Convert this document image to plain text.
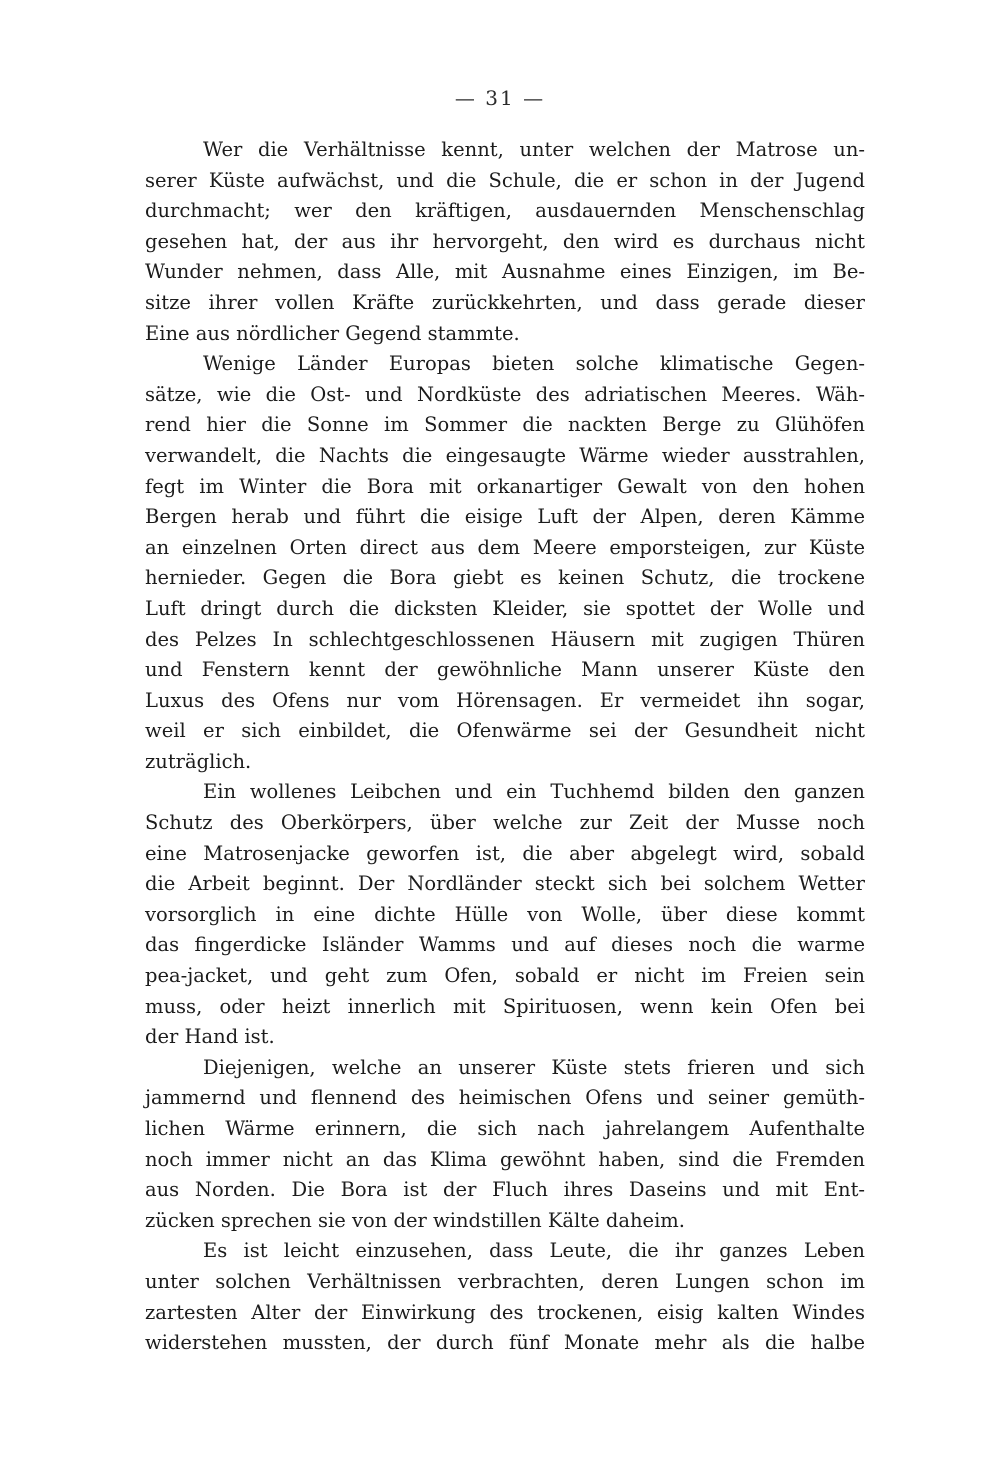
— 31 —
Wer die Verhältnisse kennt, unter welchen der Matrose un-
serer Küste aufwächst, und die Schule, die er schon in der Jugend
durchmacht; wer den kräftigen, ausdauernden Menschenschlag
gesehen hat, der aus ihr hervorgeht, den wird es durchaus nicht
Wunder nehmen, dass Alle, mit Ausnahme eines Einzigen, im Be-
sitze ihrer vollen Kräfte zurückkehrten, und dass gerade dieser
Eine aus nördlicher Gegend stammte.
Wenige Länder Europas bieten solche klimatische Gegen-
sätze, wie die Ost- und Nordküste des adriatischen Meeres. Wäh-
rend hier die Sonne im Sommer die nackten Berge zu Glühöfen
verwandelt, die Nachts die eingesaugte Wärme wieder ausstrahlen,
fegt im Winter die Bora mit orkanartiger Gewalt von den hohen
Bergen herab und führt die eisige Luft der Alpen, deren Kämme
an einzelnen Orten direct aus dem Meere emporsteigen, zur Küste
hernieder. Gegen die Bora giebt es keinen Schutz, die trockene
Luft dringt durch die dicksten Kleider, sie spottet der Wolle und
des Pelzes In schlechtgeschlossenen Häusern mit zugigen Thüren
und Fenstern kennt der gewöhnliche Mann unserer Küste den
Luxus des Ofens nur vom Hörensagen. Er vermeidet ihn sogar,
weil er sich einbildet, die Ofenwärme sei der Gesundheit nicht
zuträglich.
Ein wollenes Leibchen und ein Tuchhemd bilden den ganzen
Schutz des Oberkörpers, über welche zur Zeit der Musse noch
eine Matrosenjacke geworfen ist, die aber abgelegt wird, sobald
die Arbeit beginnt. Der Nordländer steckt sich bei solchem Wetter
vorsorglich in eine dichte Hülle von Wolle, über diese kommt
das fingerdicke Isländer Wamms und auf dieses noch die warme
pea-jacket, und geht zum Ofen, sobald er nicht im Freien sein
muss, oder heizt innerlich mit Spirituosen, wenn kein Ofen bei
der Hand ist.
Diejenigen, welche an unserer Küste stets frieren und sich
jammernd und flennend des heimischen Ofens und seiner gemüth-
lichen Wärme erinnern, die sich nach jahrelangem Aufenthalte
noch immer nicht an das Klima gewöhnt haben, sind die Fremden
aus Norden. Die Bora ist der Fluch ihres Daseins und mit Ent-
zücken sprechen sie von der windstillen Kälte daheim.
Es ist leicht einzusehen, dass Leute, die ihr ganzes Leben
unter solchen Verhältnissen verbrachten, deren Lungen schon im
zartesten Alter der Einwirkung des trockenen, eisig kalten Windes
widerstehen mussten, der durch fünf Monate mehr als die halbe
